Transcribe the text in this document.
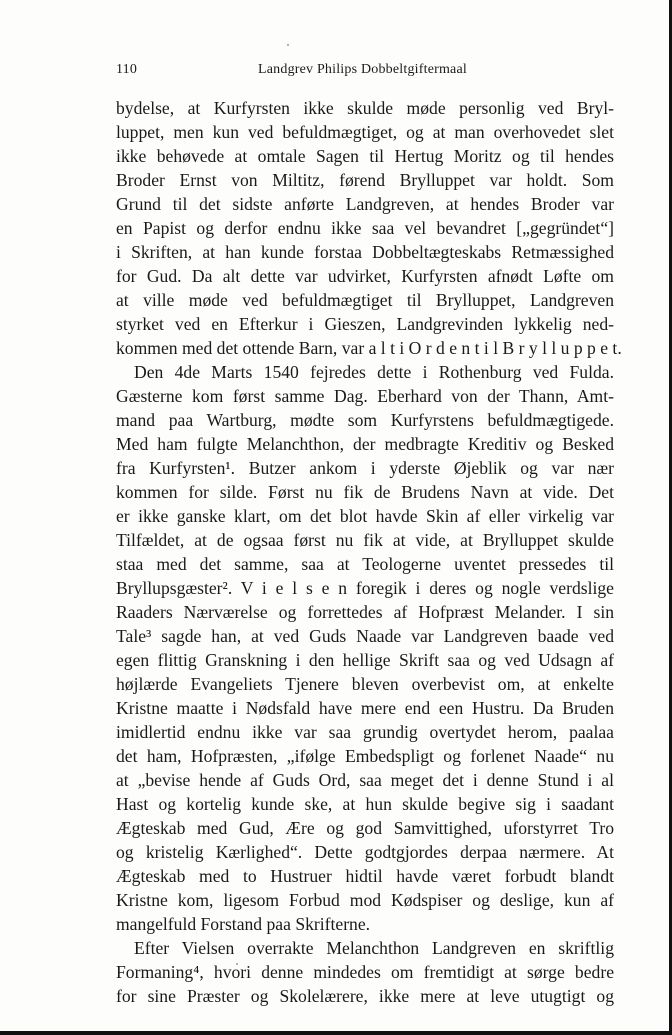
110	Landgrev Philips Dobbeltgiftermaal
bydelse, at Kurfyrsten ikke skulde møde personlig ved Bryl-
luppet, men kun ved befuldmægtiget, og at man overhovedet slet
ikke behøvede at omtale Sagen til Hertug Moritz og til hendes
Broder Ernst von Miltitz, førend Brylluppet var holdt. Som
Grund til det sidste anførte Landgreven, at hendes Broder var
en Papist og derfor endnu ikke saa vel bevandret [„gegründet“]
i Skriften, at han kunde forstaa Dobbeltægteskabs Retmæssighed
for Gud. Da alt dette var udvirket, Kurfyrsten afnødt Løfte om
at ville møde ved befuldmægtiget til Brylluppet, Landgreven
styrket ved en Efterkur i Gieszen, Landgrevinden lykkelig ned-
kommen med det ottende Barn, var a l t i O r d e n t i l B r y l l u p p e t.
Den 4de Marts 1540 fejredes dette i Rothenburg ved Fulda.
Gæsterne kom først samme Dag. Eberhard von der Thann, Amt-
mand paa Wartburg, mødte som Kurfyrstens befuldmægtigede.
Med ham fulgte Melanchthon, der medbragte Kreditiv og Besked
fra Kurfyrsten¹. Butzer ankom i yderste Øjeblik og var nær
kommen for silde. Først nu fik de Brudens Navn at vide. Det
er ikke ganske klart, om det blot havde Skin af eller virkelig var
Tilfældet, at de ogsaa først nu fik at vide, at Brylluppet skulde
staa med det samme, saa at Teologerne uventet pressedes til
Bryllupsgæster². V i e l s e n foregik i deres og nogle verdslige
Raaders Nærværelse og forrettedes af Hofpræst Melander. I sin
Tale³ sagde han, at ved Guds Naade var Landgreven baade ved
egen flittig Granskning i den hellige Skrift saa og ved Udsagn af
højlærde Evangeliets Tjenere bleven overbevist om, at enkelte
Kristne maatte i Nødsfald have mere end een Hustru. Da Bruden
imidlertid endnu ikke var saa grundig overtydet herom, paalaa
det ham, Hofpræsten, „ifølge Embedspligt og forlenet Naade“ nu
at „bevise hende af Guds Ord, saa meget det i denne Stund i al
Hast og kortelig kunde ske, at hun skulde begive sig i saadant
Ægteskab med Gud, Ære og god Samvittighed, uforstyrret Tro
og kristelig Kærlighed“. Dette godtgjordes derpaa nærmere. At
Ægteskab med to Hustruer hidtil havde været forbudt blandt
Kristne kom, ligesom Forbud mod Kødspiser og deslige, kun af
mangelfuld Forstand paa Skrifterne.
Efter Vielsen overrakte Melanchthon Landgreven en skriftlig
Formaning⁴, hvori denne mindedes om fremtidigt at sørge bedre
for sine Præster og Skolelærere, ikke mere at leve utugtigt og
